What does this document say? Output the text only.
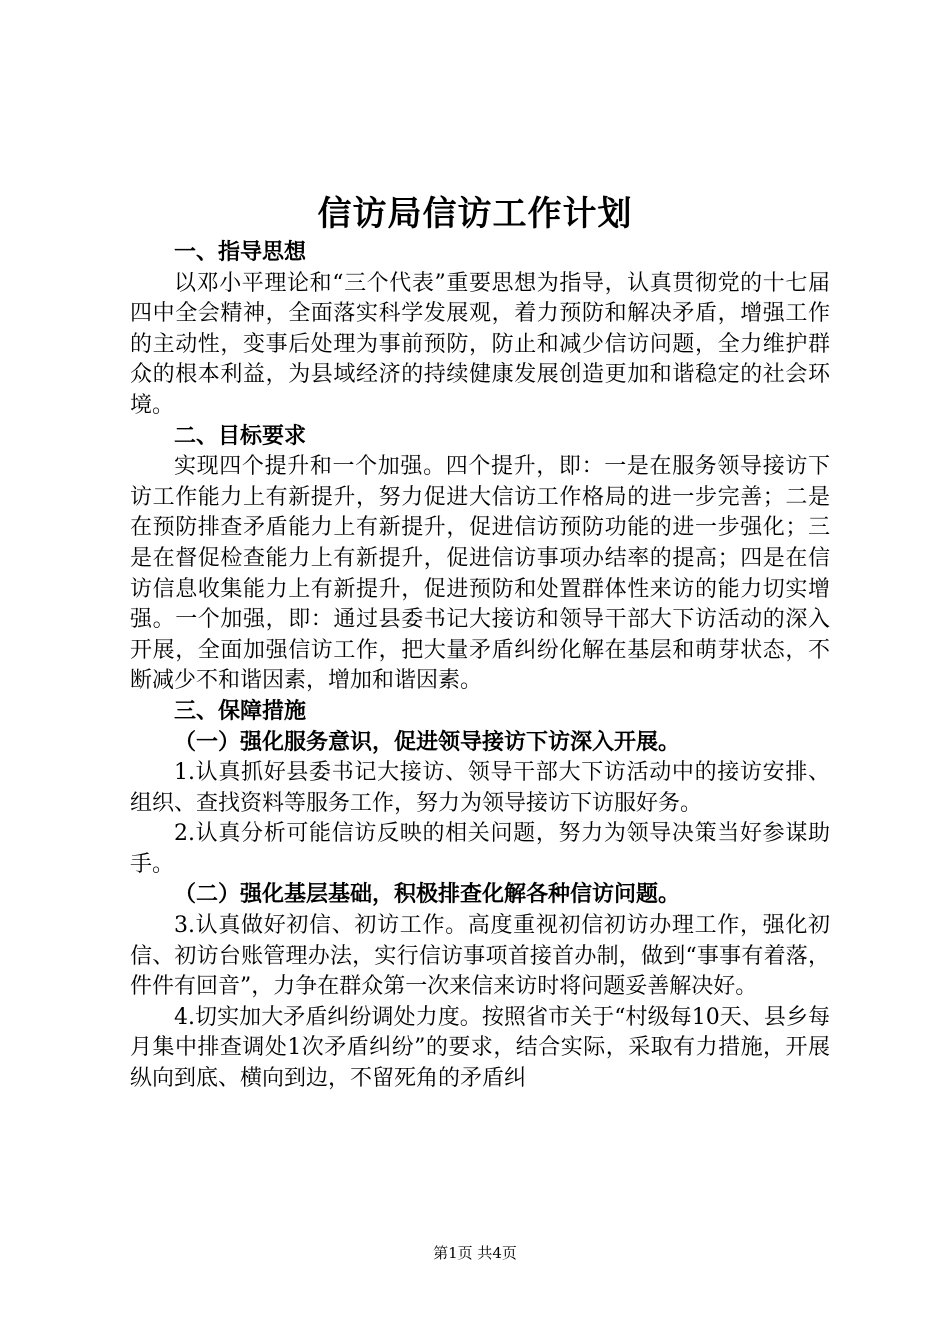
信访局信访工作计划
一、指导思想

以邓小平理论和“三个代表”重要思想为指导，认真贯彻党的十七届四中全会精神，全面落实科学发展观，着力预防和解决矛盾，增强工作的主动性，变事后处理为事前预防，防止和减少信访问题，全力维护群众的根本利益，为县域经济的持续健康发展创造更加和谐稳定的社会环境。

二、目标要求

实现四个提升和一个加强。四个提升，即：一是在服务领导接访下访工作能力上有新提升，努力促进大信访工作格局的进一步完善；二是在预防排查矛盾能力上有新提升，促进信访预防功能的进一步强化；三是在督促检查能力上有新提升，促进信访事项办结率的提高；四是在信访信息收集能力上有新提升，促进预防和处置群体性来访的能力切实增强。一个加强，即：通过县委书记大接访和领导干部大下访活动的深入开展，全面加强信访工作，把大量矛盾纠纷化解在基层和萌芽状态，不断减少不和谐因素，增加和谐因素。

三、保障措施
（一）强化服务意识，促进领导接访下访深入开展。

1.认真抓好县委书记大接访、领导干部大下访活动中的接访安排、组织、查找资料等服务工作，努力为领导接访下访服好务。

2.认真分析可能信访反映的相关问题，努力为领导决策当好参谋助手。

（二）强化基层基础，积极排查化解各种信访问题。

3.认真做好初信、初访工作。高度重视初信初访办理工作，强化初信、初访台账管理办法，实行信访事项首接首办制，做到“事事有着落，件件有回音”，力争在群众第一次来信来访时将问题妥善解决好。

4.切实加大矛盾纠纷调处力度。按照省市关于“村级每10天、县乡每月集中排查调处1次矛盾纠纷”的要求，结合实际，采取有力措施，开展纵向到底、横向到边，不留死角的矛盾纠

第1页 共4页
